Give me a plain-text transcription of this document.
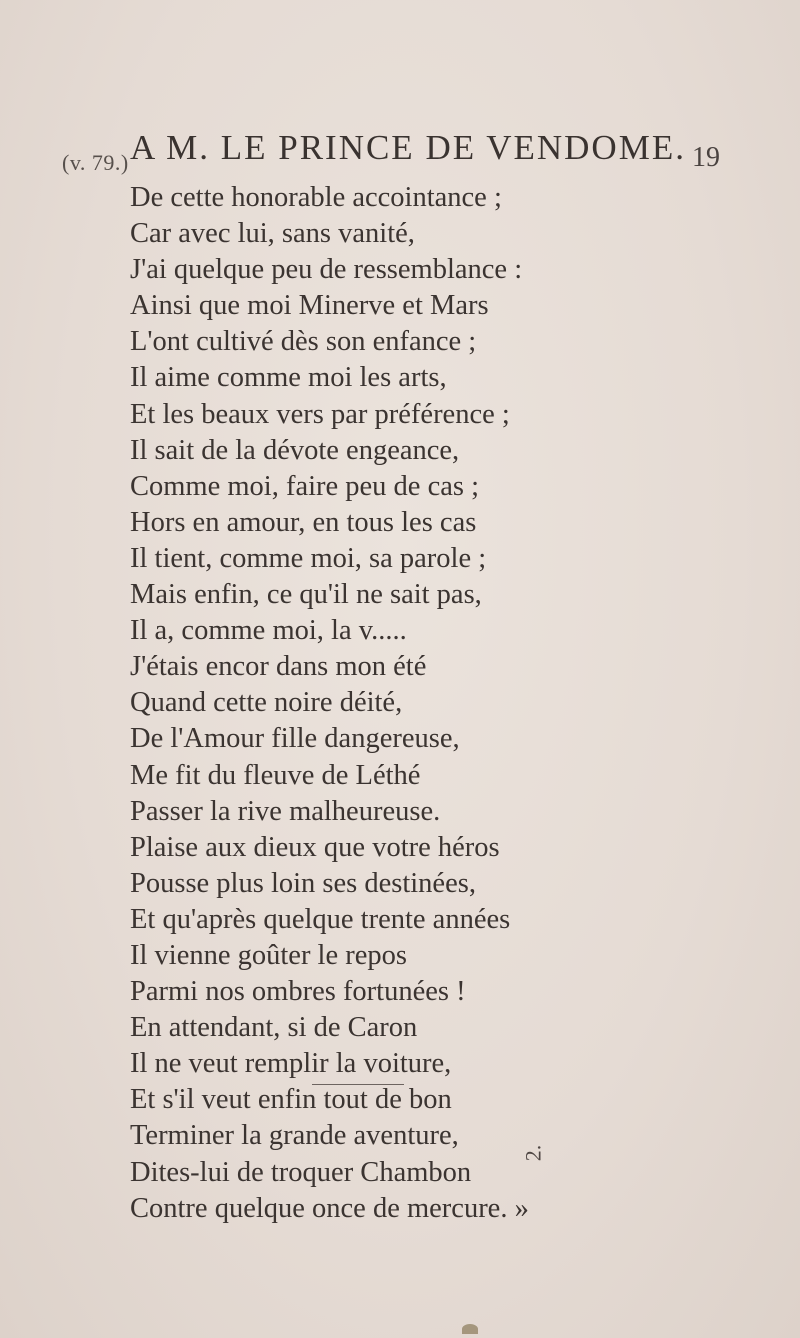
(v. 79.) A M. LE PRINCE DE VENDOME. 19
De cette honorable accointance ;
Car avec lui, sans vanité,
J'ai quelque peu de ressemblance :
Ainsi que moi Minerve et Mars
L'ont cultivé dès son enfance ;
Il aime comme moi les arts,
Et les beaux vers par préférence ;
Il sait de la dévote engeance,
Comme moi, faire peu de cas ;
Hors en amour, en tous les cas
Il tient, comme moi, sa parole ;
Mais enfin, ce qu'il ne sait pas,
Il a, comme moi, la v.....
J'étais encor dans mon été
Quand cette noire déité,
De l'Amour fille dangereuse,
Me fit du fleuve de Léthé
Passer la rive malheureuse.
Plaise aux dieux que votre héros
Pousse plus loin ses destinées,
Et qu'après quelque trente années
Il vienne goûter le repos
Parmi nos ombres fortunées !
En attendant, si de Caron
Il ne veut remplir la voiture,
Et s'il veut enfin tout de bon
Terminer la grande aventure,
Dites-lui de troquer Chambon
Contre quelque once de mercure. »
2.
